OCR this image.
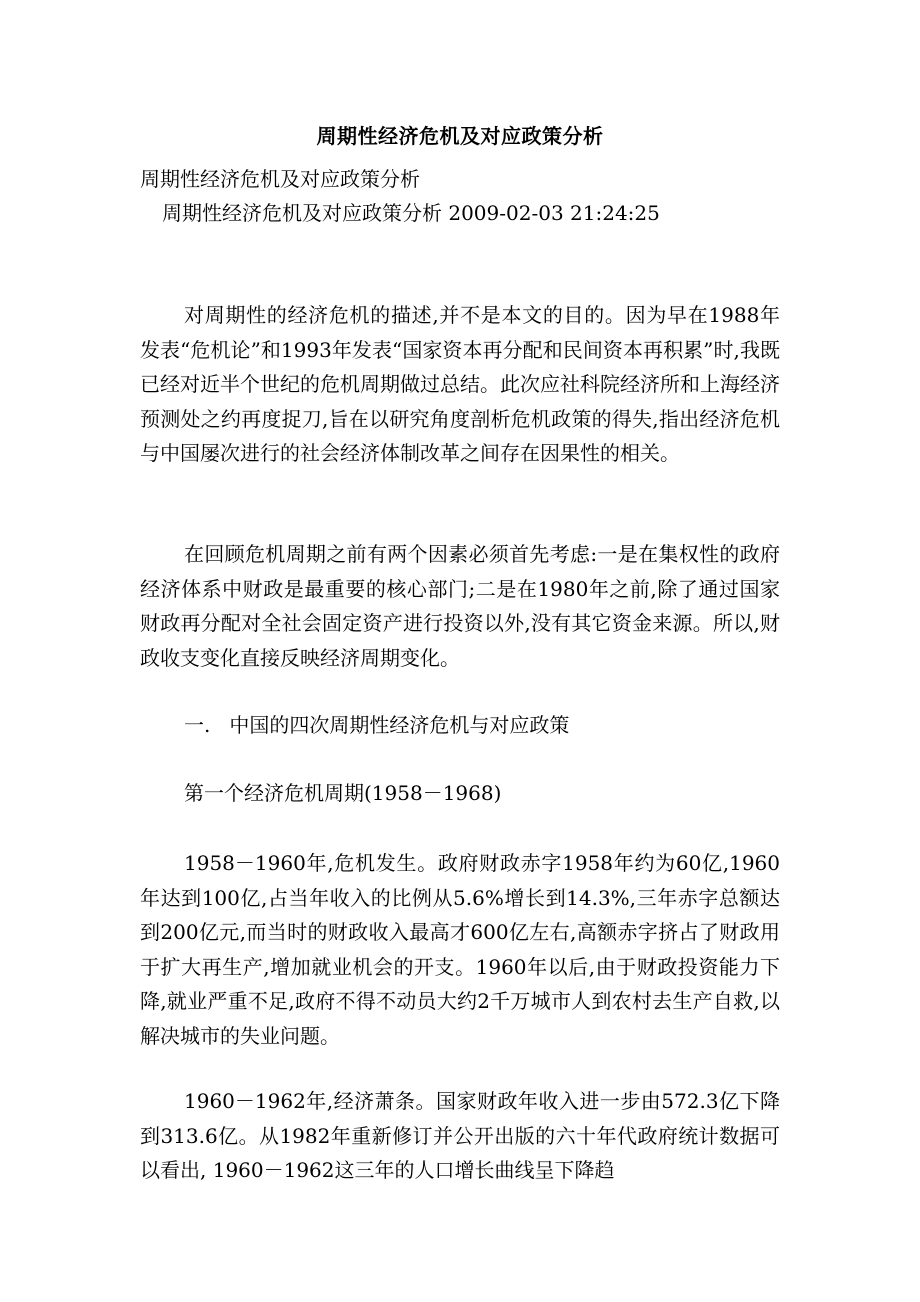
周期性经济危机及对应政策分析
周期性经济危机及对应政策分析
周期性经济危机及对应政策分析 2009-02-03 21:24:25

对周期性的经济危机的描述,并不是本文的目的。因为早在1988年发表“危机论”和1993年发表“国家资本再分配和民间资本再积累”时,我既已经对近半个世纪的危机周期做过总结。此次应社科院经济所和上海经济预测处之约再度捉刀,旨在以研究角度剖析危机政策的得失,指出经济危机与中国屡次进行的社会经济体制改革之间存在因果性的相关。

在回顾危机周期之前有两个因素必须首先考虑:一是在集权性的政府经济体系中财政是最重要的核心部门;二是在1980年之前,除了通过国家财政再分配对全社会固定资产进行投资以外,没有其它资金来源。所以,财政收支变化直接反映经济周期变化。

一.   中国的四次周期性经济危机与对应政策

第一个经济危机周期(1958－1968)

1958－1960年,危机发生。政府财政赤字1958年约为60亿,1960年达到100亿,占当年收入的比例从5.6%增长到14.3%,三年赤字总额达到200亿元,而当时的财政收入最高才600亿左右,高额赤字挤占了财政用于扩大再生产,增加就业机会的开支。1960年以后,由于财政投资能力下降,就业严重不足,政府不得不动员大约2千万城市人到农村去生产自救,以解决城市的失业问题。

1960－1962年,经济萧条。国家财政年收入进一步由572.3亿下降到313.6亿。从1982年重新修订并公开出版的六十年代政府统计数据可以看出, 1960－1962这三年的人口增长曲线呈下降趋
